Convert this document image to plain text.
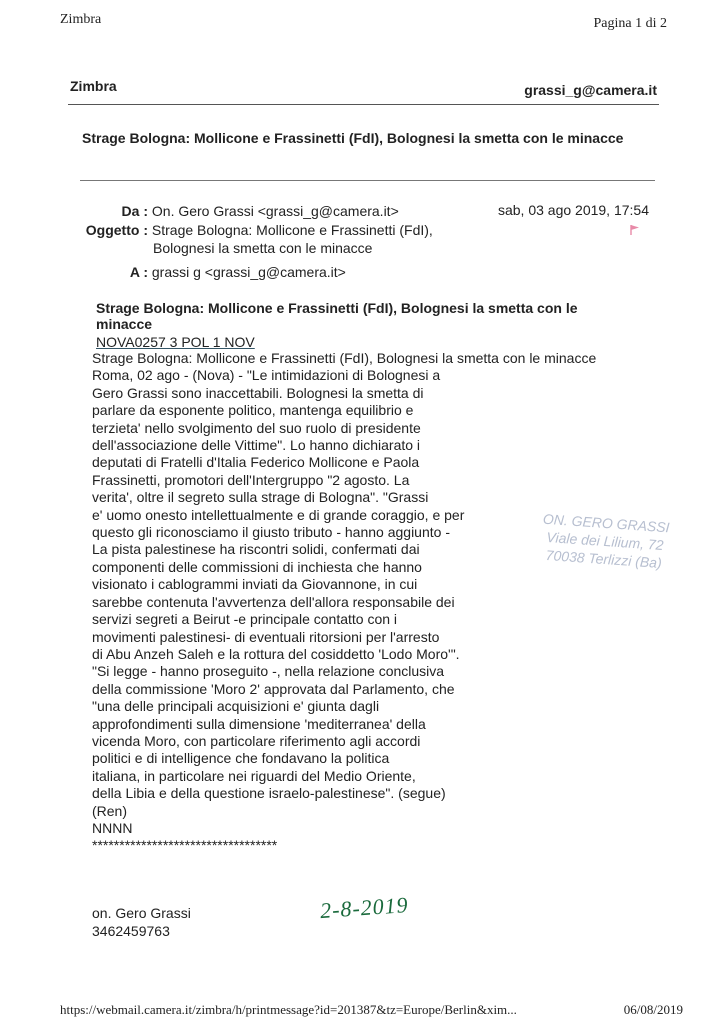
Zimbra	Pagina 1 di 2
Zimbra	grassi_g@camera.it
Strage Bologna: Mollicone e Frassinetti (FdI), Bolognesi la smetta con le minacce
Da : On. Gero Grassi <grassi_g@camera.it>	sab, 03 ago 2019, 17:54
Oggetto : Strage Bologna: Mollicone e Frassinetti (FdI),
Bolognesi la smetta con le minacce
A : grassi g <grassi_g@camera.it>
Strage Bologna: Mollicone e Frassinetti (FdI), Bolognesi la smetta con le minacce
NOVA0257 3 POL 1 NOV
Strage Bologna: Mollicone e Frassinetti (FdI), Bolognesi la smetta con le minacce
Roma, 02 ago - (Nova) - "Le intimidazioni di Bolognesi a
Gero Grassi sono inaccettabili. Bolognesi la smetta di
parlare da esponente politico, mantenga equilibrio e
terzieta' nello svolgimento del suo ruolo di presidente
dell'associazione delle Vittime". Lo hanno dichiarato i
deputati di Fratelli d'Italia Federico Mollicone e Paola
Frassinetti, promotori dell'Intergruppo "2 agosto. La
verita', oltre il segreto sulla strage di Bologna". "Grassi
e' uomo onesto intellettualmente e di grande coraggio, e per
questo gli riconosciamo il giusto tributo - hanno aggiunto -
La pista palestinese ha riscontri solidi, confermati dai
componenti delle commissioni di inchiesta che hanno
visionato i cablogrammi inviati da Giovannone, in cui
sarebbe contenuta l'avvertenza dell'allora responsabile dei
servizi segreti a Beirut -e principale contatto con i
movimenti palestinesi- di eventuali ritorsioni per l'arresto
di Abu Anzeh Saleh e la rottura del cosiddetto 'Lodo Moro'".
"Si legge - hanno proseguito -, nella relazione conclusiva
della commissione 'Moro 2' approvata dal Parlamento, che
"una delle principali acquisizioni e' giunta dagli
approfondimenti sulla dimensione 'mediterranea' della
vicenda Moro, con particolare riferimento agli accordi
politici e di intelligence che fondavano la politica
italiana, in particolare nei riguardi del Medio Oriente,
della Libia e della questione israelo-palestinese". (segue)
(Ren)
NNNN
**********************************
ON. GERO GRASSI
Viale dei Lilium, 72
70038 Terlizzi (Ba)
2-8-2019
on. Gero Grassi
3462459763
https://webmail.camera.it/zimbra/h/printmessage?id=201387&tz=Europe/Berlin&xim...	06/08/2019
